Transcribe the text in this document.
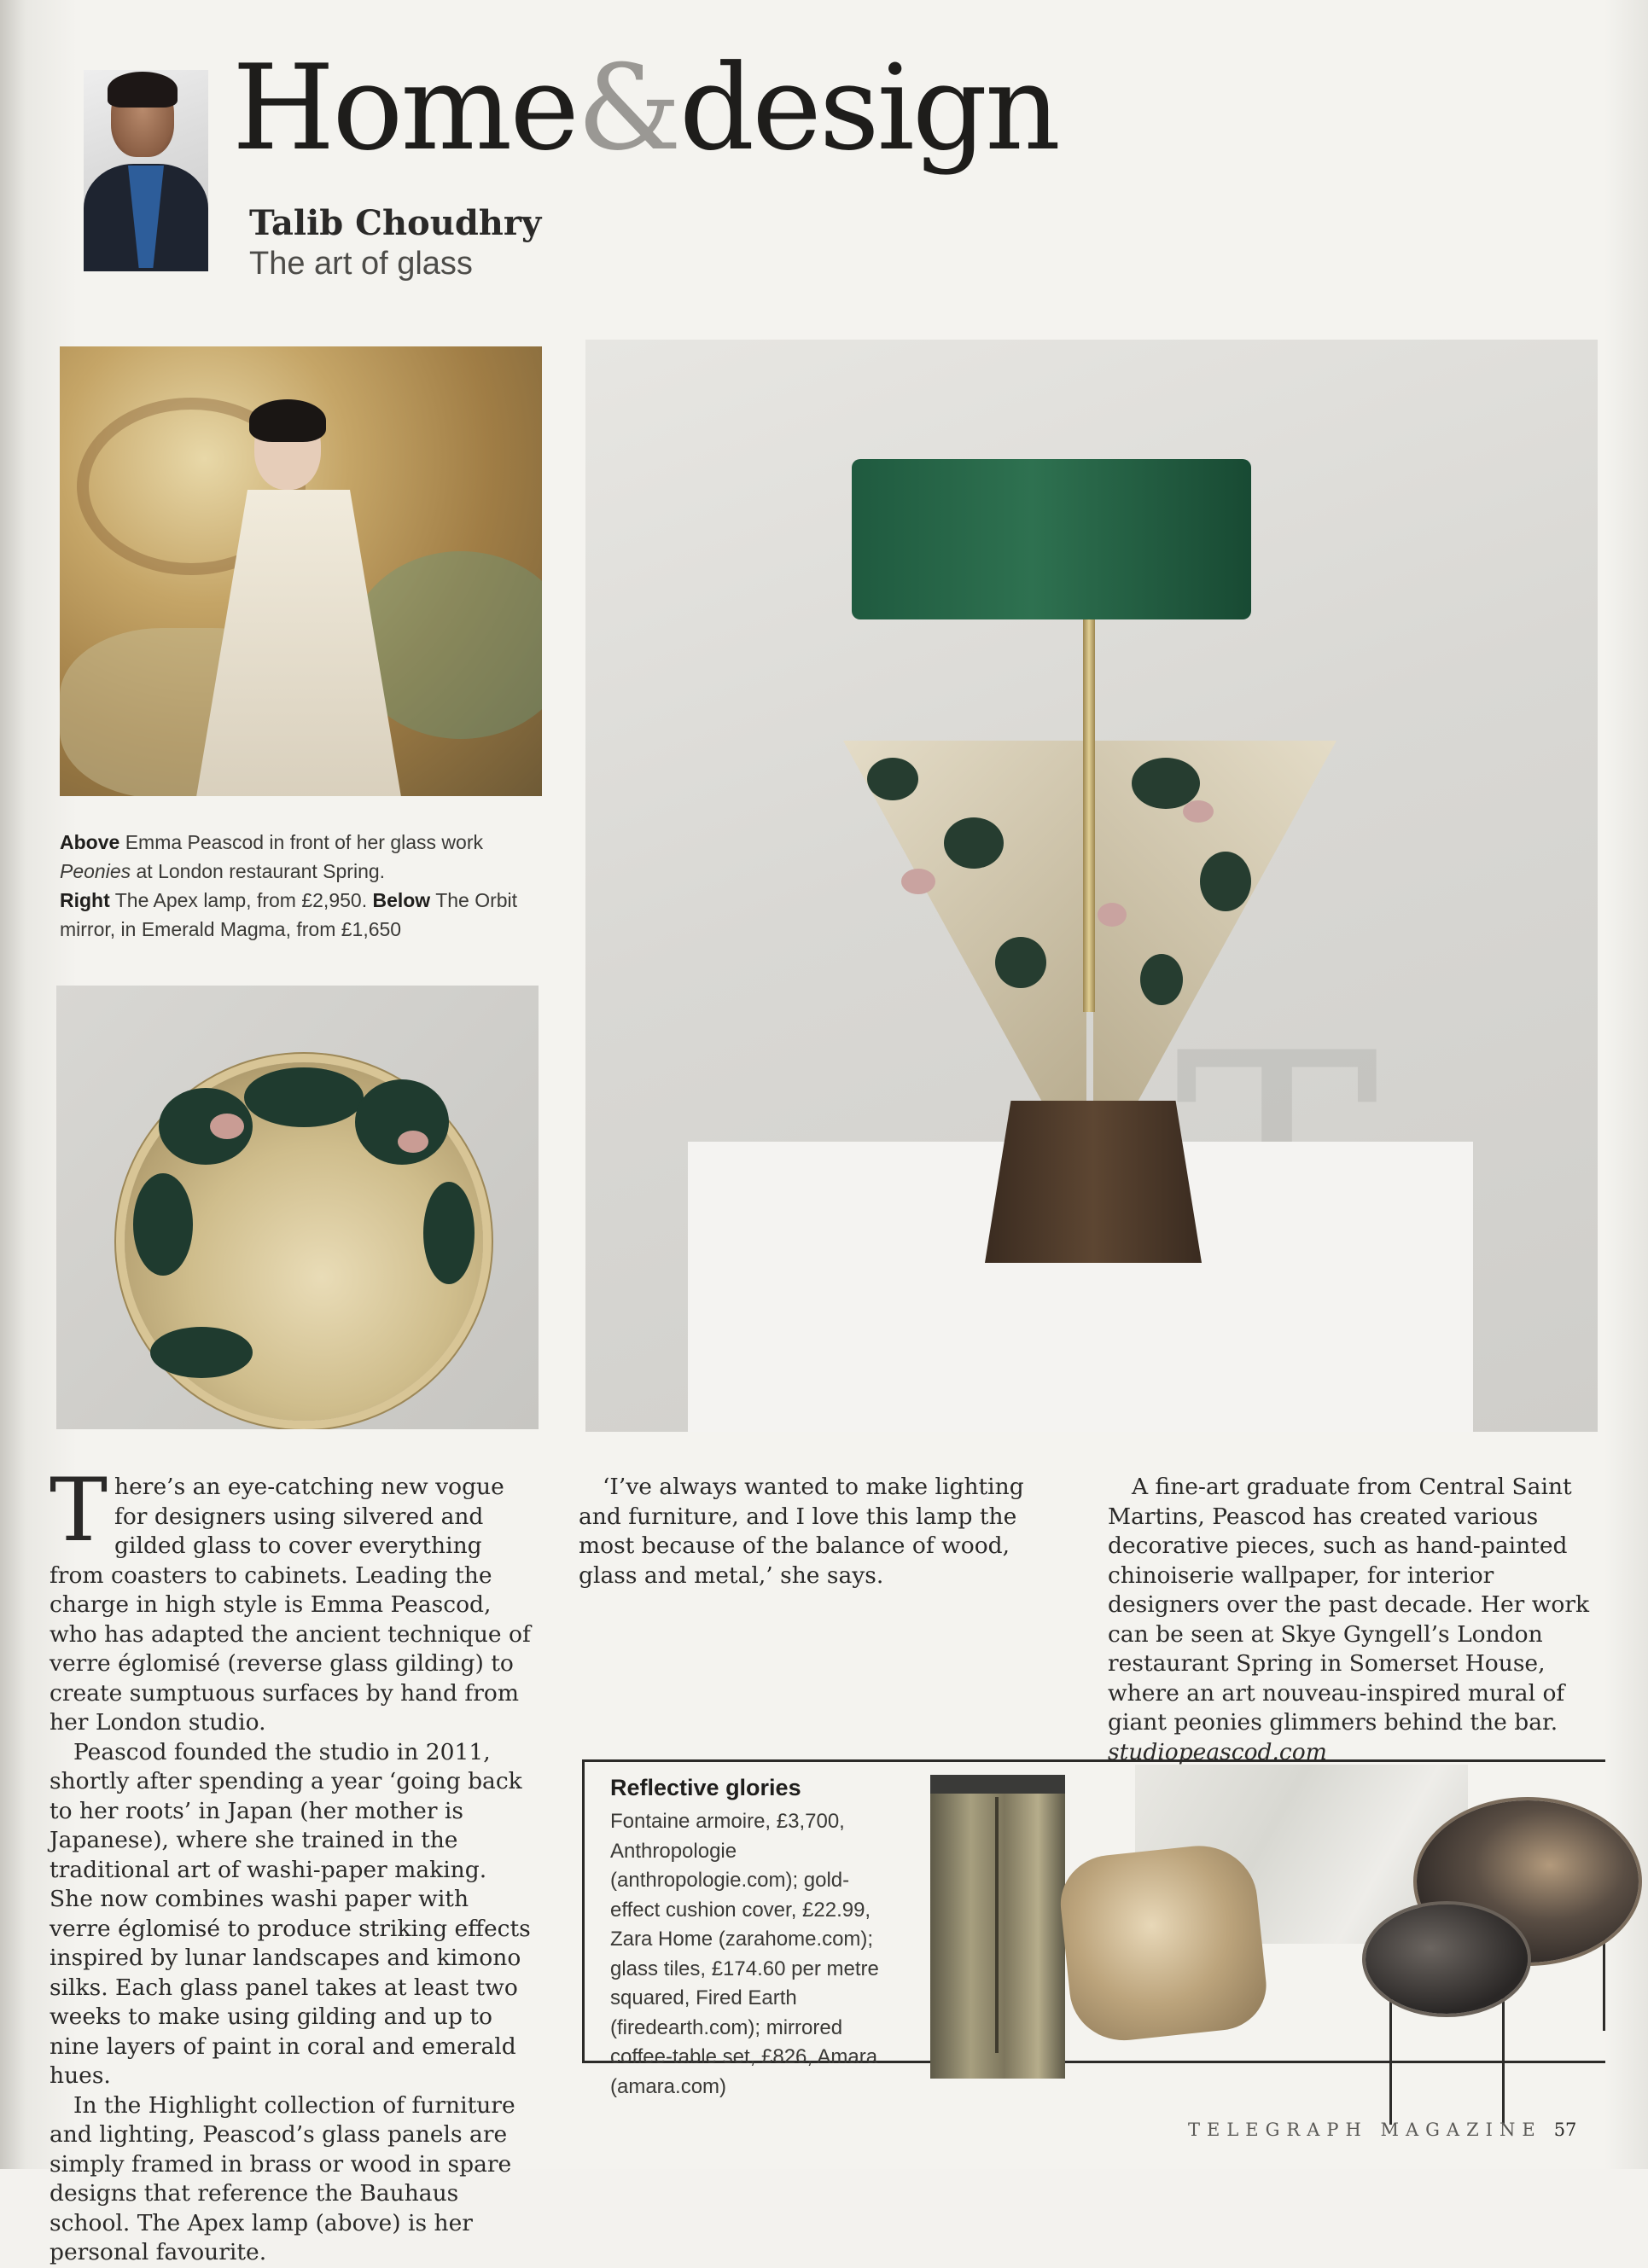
Home&design
Talib Choudhry
The art of glass
Above Emma Peascod in front of her glass work
Peonies at London restaurant Spring.
Right The Apex lamp, from £2,950. Below The Orbit mirror, in Emerald Magma, from £1,650

There’s an eye-catching new vogue for designers using silvered and gilded glass to cover everything from coasters to cabinets. Leading the charge in high style is Emma Peascod, who has adapted the ancient technique of verre églomisé (reverse glass gilding) to create sumptuous surfaces by hand from her London studio.

Peascod founded the studio in 2011, shortly after spending a year ‘going back to her roots’ in Japan (her mother is Japanese), where she trained in the traditional art of washi-paper making. She now combines washi paper with verre églomisé to produce striking effects inspired by lunar landscapes and kimono silks. Each glass panel takes at least two weeks to make using gilding and up to nine layers of paint in coral and emerald hues.

In the Highlight collection of furniture and lighting, Peascod’s glass panels are simply framed in brass or wood in spare designs that reference the Bauhaus school. The Apex lamp (above) is her personal favourite.

‘I’ve always wanted to make lighting and furniture, and I love this lamp the most because of the balance of wood, glass and metal,’ she says.

A fine-art graduate from Central Saint Martins, Peascod has created various decorative pieces, such as hand-painted chinoiserie wallpaper, for interior designers over the past decade. Her work can be seen at Skye Gyngell’s London restaurant Spring in Somerset House, where an art nouveau-inspired mural of giant peonies glimmers behind the bar. studiopeascod.com

Reflective glories
Fontaine armoire, £3,700, Anthropologie (anthropologie.com); gold-effect cushion cover, £22.99, Zara Home (zarahome.com); glass tiles, £174.60 per metre squared, Fired Earth (firedearth.com); mirrored coffee-table set, £826, Amara (amara.com)
TELEGRAPH MAGAZINE 57
